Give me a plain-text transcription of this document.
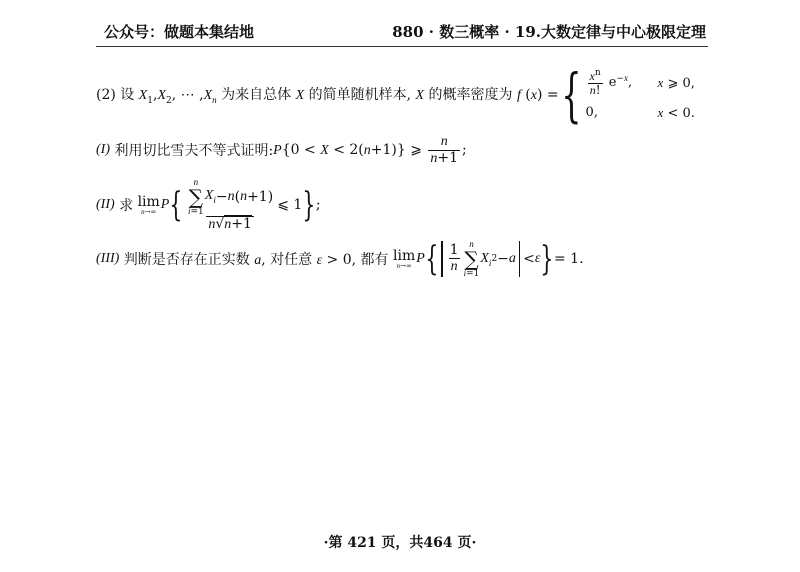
公众号：做题本集结地	880 · 数三概率 · 19.大数定律与中心极限定理
(2) 设 $X_1,X_2$, ⋯ $,X_n$ 为来自总体 X 的简单随机样本, X 的概率密度为 f (x) = { $\frac{x^n}{n!} e^{-x}$,	x ⩾ 0,
0,	x < 0.
(I)
利用切比雪夫不等式证明: P{0 < X < 2(n+1)} ⩾ $\frac{n}{n+1}$ ;
(II)
求
lim
n→∞ P { n
∑
i=1
$X_i - n$ ( n +1)
n√n+1 ⩽ 1 } ;
(III)
判断是否存在正实数 a, 对任意 ε > 0, 都有
lim
n→∞ P { $\frac{1}{n}$ n
∑
i=1
$X_i$ 2 − a < ε } = 1.
·第 421 页，共464 页·
